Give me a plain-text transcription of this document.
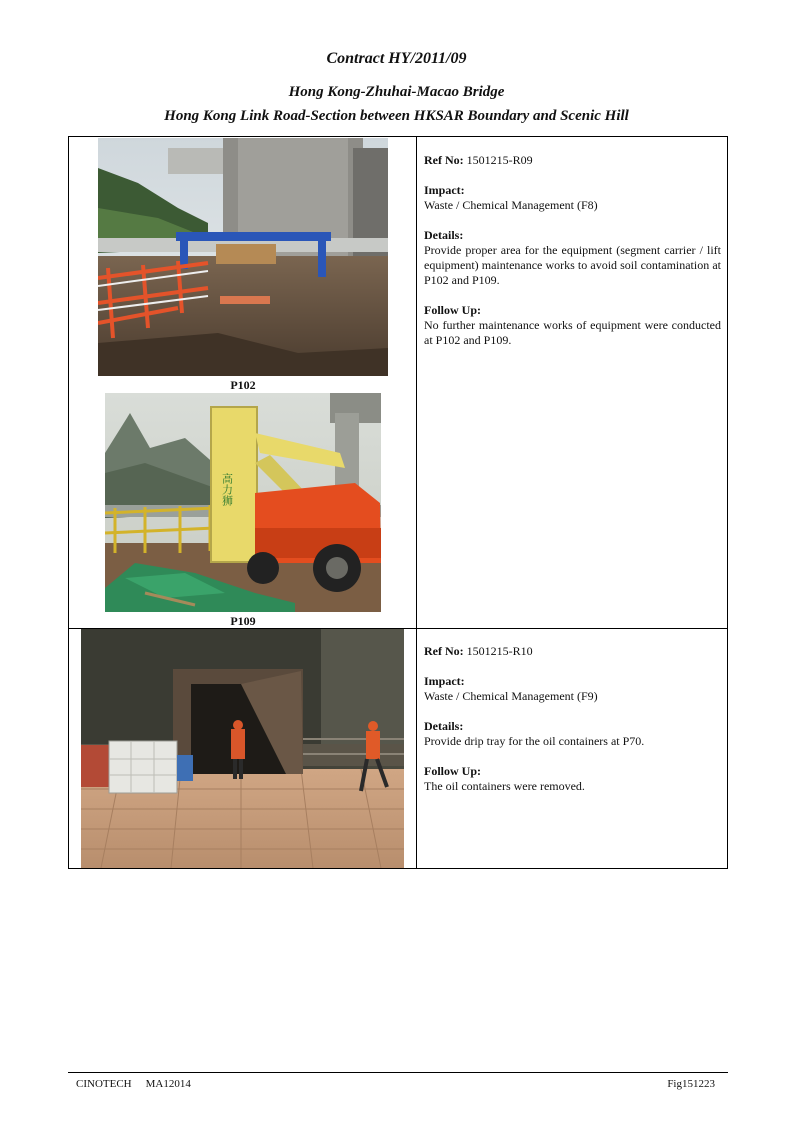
Contract HY/2011/09
Hong Kong-Zhuhai-Macao Bridge
Hong Kong Link Road-Section between HKSAR Boundary and Scenic Hill
P102
高力狮
P109
Ref No: 1501215-R09
Impact:

Waste / Chemical Management (F8)

Details:

Provide proper area for the equipment (segment carrier / lift equipment) maintenance works to avoid soil contamination at P102 and P109.

Follow Up:

No further maintenance works of equipment were conducted at P102 and P109.

Ref No: 1501215-R10
Impact:

Waste / Chemical Management (F9)

Details:

Provide drip tray for the oil containers at P70.

Follow Up:

The oil containers were removed.

CINOTECH MA12014	Fig151223
